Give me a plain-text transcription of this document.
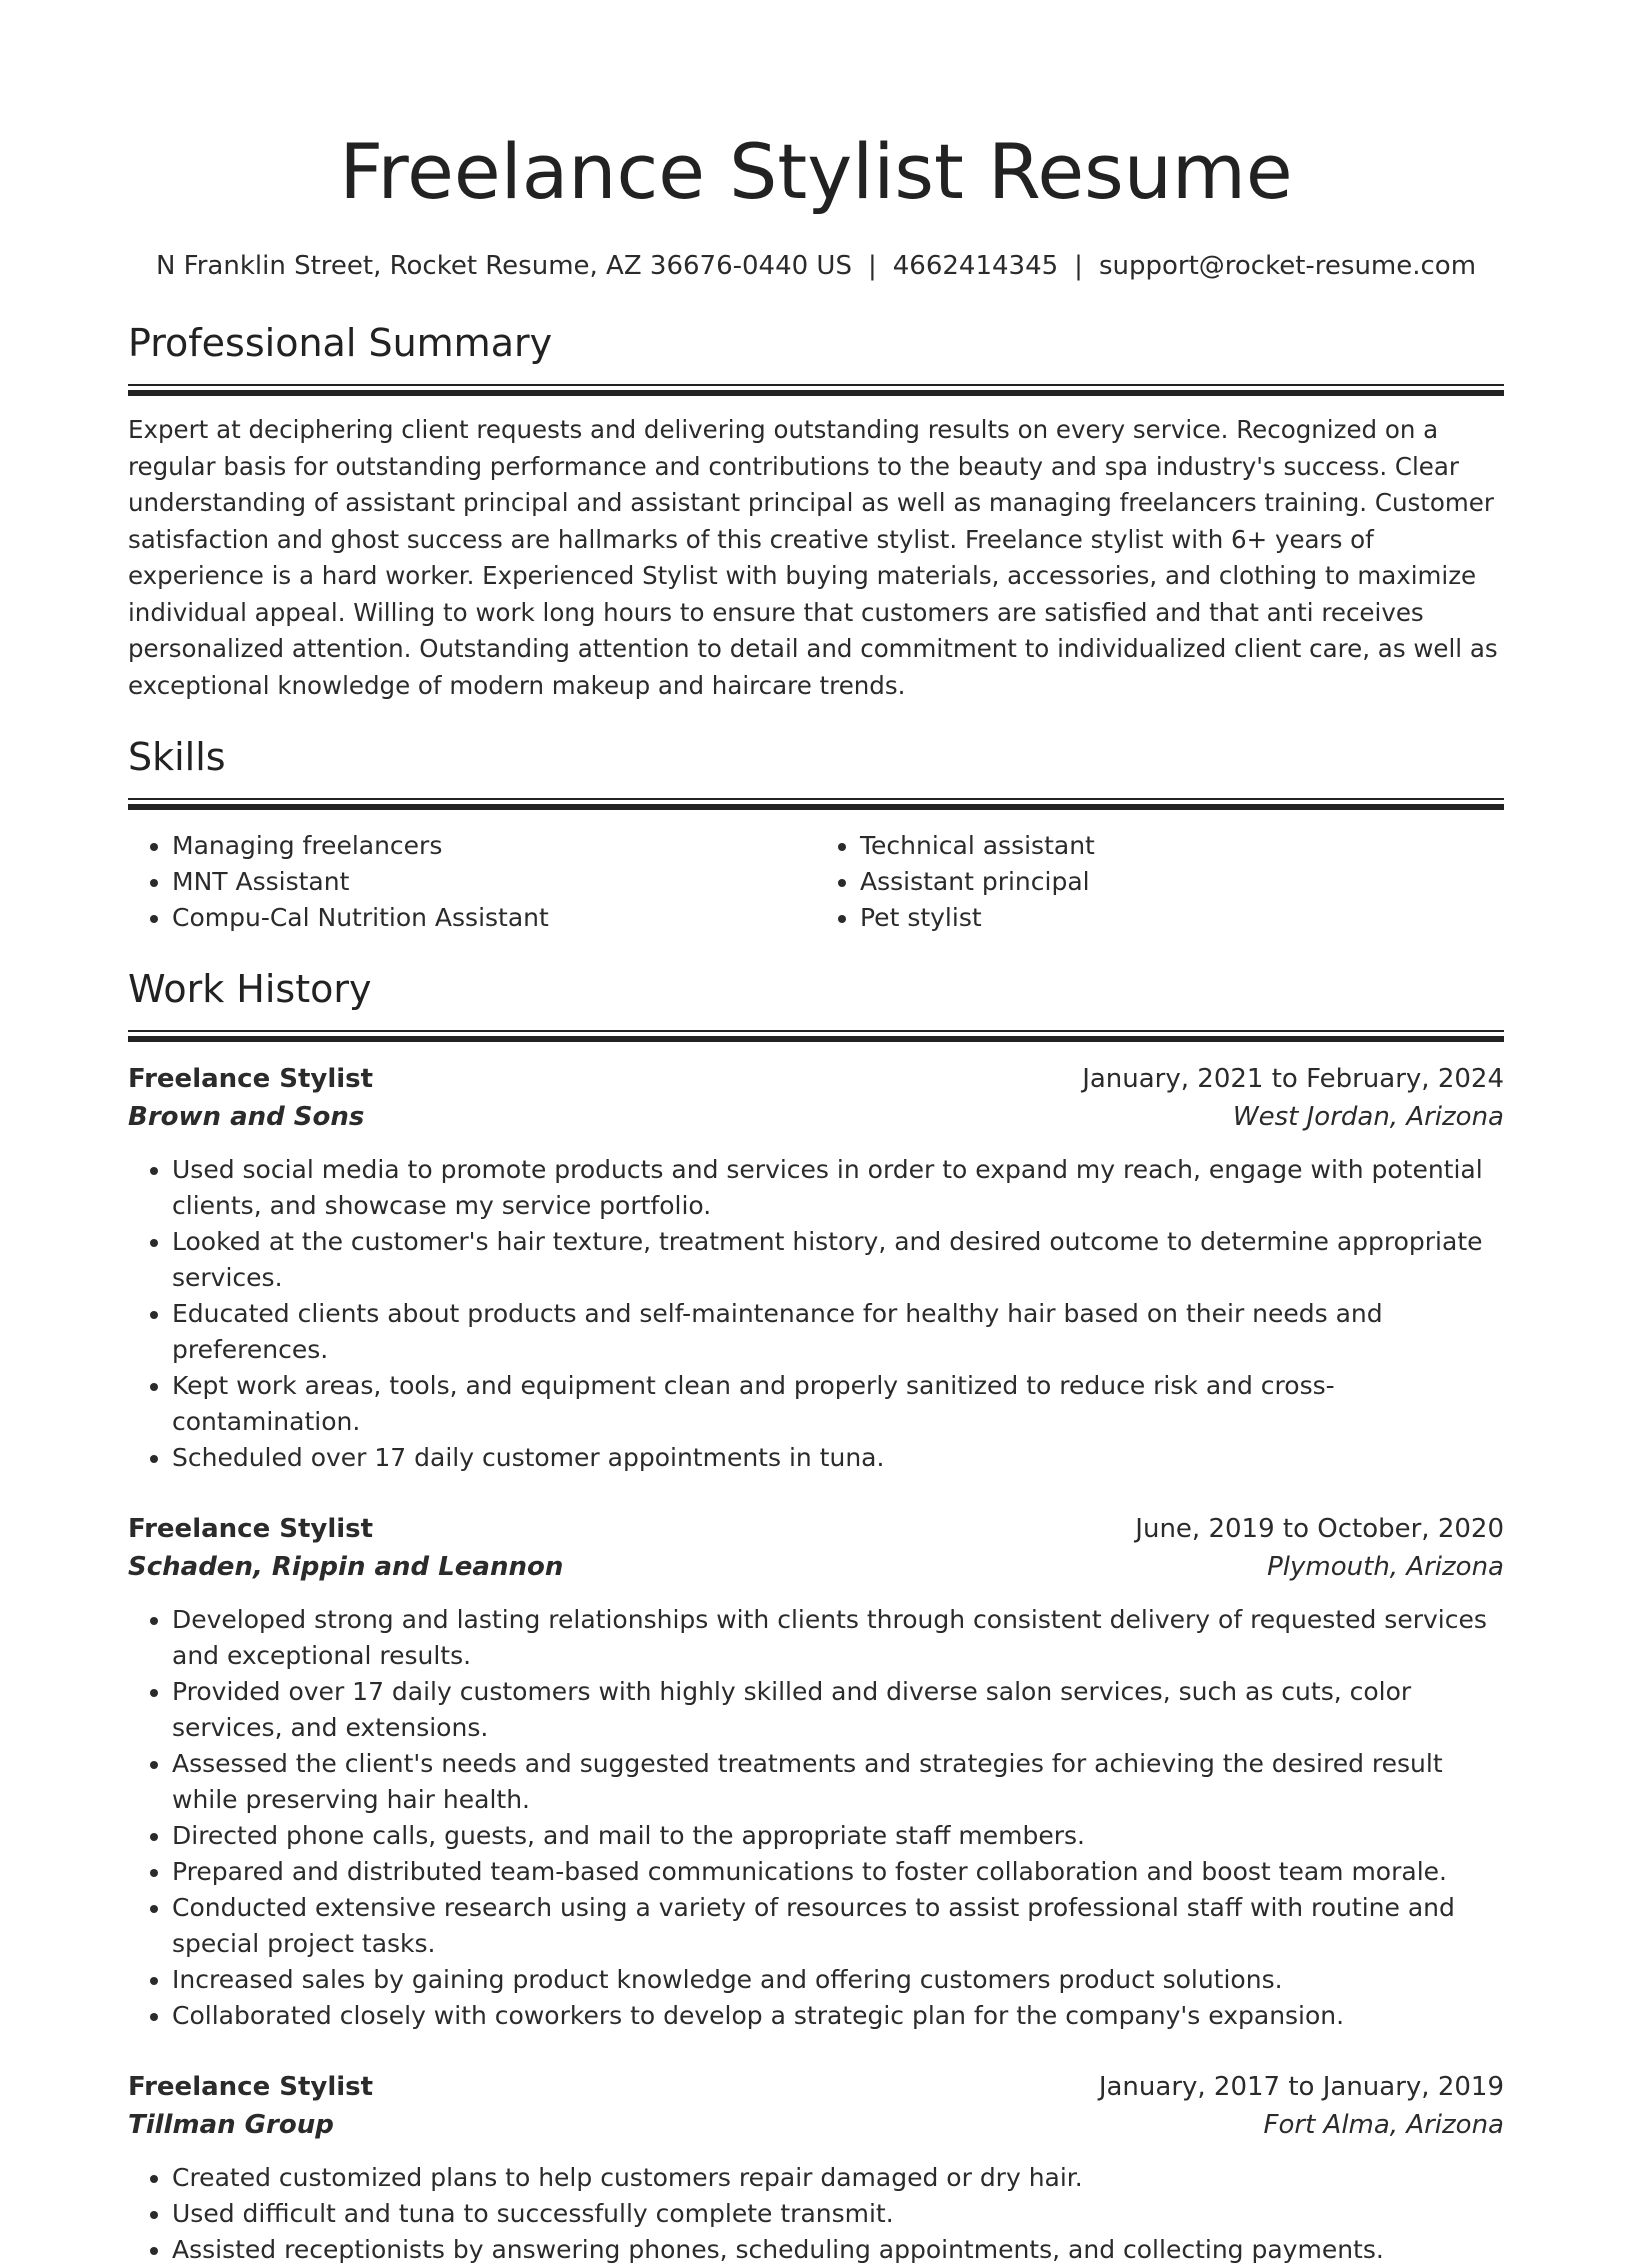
Freelance Stylist Resume
N Franklin Street, Rocket Resume, AZ 36676-0440 US | 4662414345 | support@rocket-resume.com
Professional Summary

Expert at deciphering client requests and delivering outstanding results on every service. Recognized on a regular basis for outstanding performance and contributions to the beauty and spa industry's success. Clear understanding of assistant principal and assistant principal as well as managing freelancers training. Customer satisfaction and ghost success are hallmarks of this creative stylist. Freelance stylist with 6+ years of experience is a hard worker. Experienced Stylist with buying materials, accessories, and clothing to maximize individual appeal. Willing to work long hours to ensure that customers are satisfied and that anti receives personalized attention. Outstanding attention to detail and commitment to individualized client care, as well as exceptional knowledge of modern makeup and haircare trends.

Skills
• Managing freelancers
• MNT Assistant
• Compu-Cal Nutrition Assistant
• Technical assistant
• Assistant principal
• Pet stylist
Work History
Freelance Stylist	January, 2021 to February, 2024
Brown and Sons	West Jordan, Arizona
• Used social media to promote products and services in order to expand my reach, engage with potential clients, and showcase my service portfolio.
• Looked at the customer's hair texture, treatment history, and desired outcome to determine appropriate services.
• Educated clients about products and self-maintenance for healthy hair based on their needs and preferences.
• Kept work areas, tools, and equipment clean and properly sanitized to reduce risk and cross-contamination.
• Scheduled over 17 daily customer appointments in tuna.
Freelance Stylist	June, 2019 to October, 2020
Schaden, Rippin and Leannon	Plymouth, Arizona
• Developed strong and lasting relationships with clients through consistent delivery of requested services and exceptional results.
• Provided over 17 daily customers with highly skilled and diverse salon services, such as cuts, color services, and extensions.
• Assessed the client's needs and suggested treatments and strategies for achieving the desired result while preserving hair health.
• Directed phone calls, guests, and mail to the appropriate staff members.
• Prepared and distributed team-based communications to foster collaboration and boost team morale.
• Conducted extensive research using a variety of resources to assist professional staff with routine and special project tasks.
• Increased sales by gaining product knowledge and offering customers product solutions.
• Collaborated closely with coworkers to develop a strategic plan for the company's expansion.
Freelance Stylist	January, 2017 to January, 2019
Tillman Group	Fort Alma, Arizona
• Created customized plans to help customers repair damaged or dry hair.
• Used difficult and tuna to successfully complete transmit.
• Assisted receptionists by answering phones, scheduling appointments, and collecting payments.
